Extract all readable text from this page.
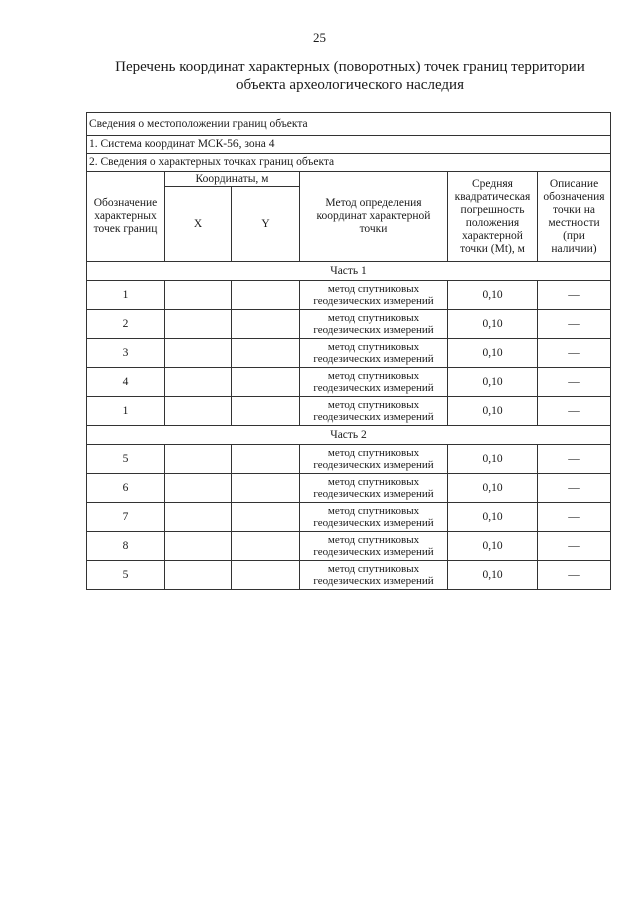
25
Перечень координат характерных (поворотных) точек границ территории
объекта археологического наследия
Сведения о местоположении границ объекта					
1. Система координат МСК-56, зона 4					
2. Сведения о характерных точках границ объекта					
Обозначение характерных точек границ	Координаты, м		Метод определения координат характерной точки	Средняя квадратическая погрешность положения характерной точки (Mt), м	Описание обозначения точки на местности (при наличии)
	X	Y			
Часть 1					
1			метод спутниковых геодезических измерений	0,10	—
2			метод спутниковых геодезических измерений	0,10	—
3			метод спутниковых геодезических измерений	0,10	—
4			метод спутниковых геодезических измерений	0,10	—
1			метод спутниковых геодезических измерений	0,10	—
Часть 2					
5			метод спутниковых геодезических измерений	0,10	—
6			метод спутниковых геодезических измерений	0,10	—
7			метод спутниковых геодезических измерений	0,10	—
8			метод спутниковых геодезических измерений	0,10	—
5			метод спутниковых геодезических измерений	0,10	—
